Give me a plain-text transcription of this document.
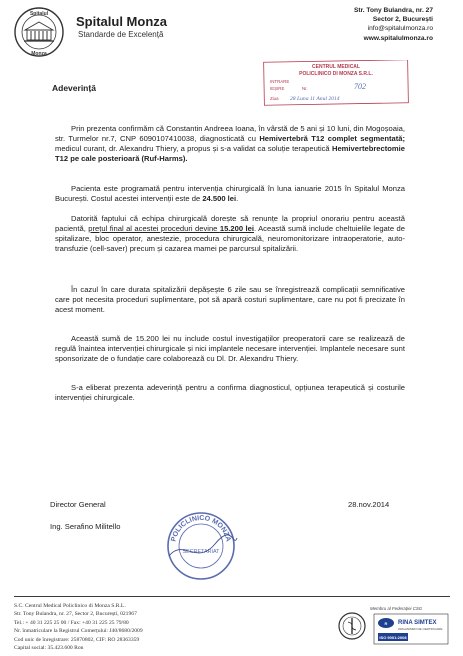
Spitalul
Monza
Spitalul Monza
Standarde de Excelență
Str. Tony Bulandra, nr. 27
Sector 2, București
info@spitalulmonza.ro
www.spitalulmonza.ro
CENTRUL MEDICAL
POLICLINICO DI MONZA S.R.L.
INTRARE
IEȘIRE	Nr.	702
Ziua 28 Luna 11 Anul 2014
Adeverință

Prin prezenta confirmăm că Constantin Andreea Ioana, în vârstă de 5 ani și 10 luni, din Mogoșoaia, str. Turmelor nr.7, CNP 6090107410038, diagnosticată cu Hemivertebră T12 complet segmentată; medicul curant, dr. Alexandru Thiery, a propus și s-a validat ca soluție terapeutică Hemivertebrectomie T12 pe cale posterioară (Ruf-Harms).

Pacienta este programată pentru intervenția chirurgicală în luna ianuarie 2015 în Spitalul Monza București. Costul acestei intervenții este de 24.500 lei.

Datorită faptului că echipa chirurgicală dorește să renunțe la propriul onorariu pentru această pacientă, prețul final al acestei proceduri devine 15.200 lei. Această sumă include cheltuielile legate de spitalizare, bloc operator, anestezie, procedura chirurgicală, neuromonitorizare intraoperatorie, auto-transfuzie (cell-saver) precum și cazarea mamei pe parcursul spitalizării.

În cazul în care durata spitalizării depășește 6 zile sau se înregistrează complicații semnificative care pot necesita proceduri suplimentare, pot să apară costuri suplimentare, care nu pot fi precizate în acest moment.

Această sumă de 15.200 lei nu include costul investigațiilor preoperatorii care se realizează de regulă înaintea intervenției chirurgicale și nici implantele necesare intervenției. Implantele necesare sunt sponsorizate de o fundație care colaborează cu Dl. Dr. Alexandru Thiery.

S-a eliberat prezenta adeverință pentru a confirma diagnosticul, opțiunea terapeutică și costurile intervenției chirurgicale.

Director General	28.nov.2014
Ing. Serafino Militello
POLICLINICO MONZA
SECRETARIAT
S.C. Centrul Medical Policlinico di Monza S.R.L.
Str. Tony Bulandra, nr. 27, Sector 2, București, 021967
Tel.: + 40 31 225 25 00 / Fax: +40 31 225 25 79/80
Nr. înmatriculare la Registrul Comerțului: J40/8680/2009
Cod unic de înregistrare: 25870802, CIF: RO 28363359
Capital social: 35.423.600 Ron
Membru al Federației CSG
R RINA SIMTEX
ORGANISMO DE CERTIFICARE
ISO 9001:2008
